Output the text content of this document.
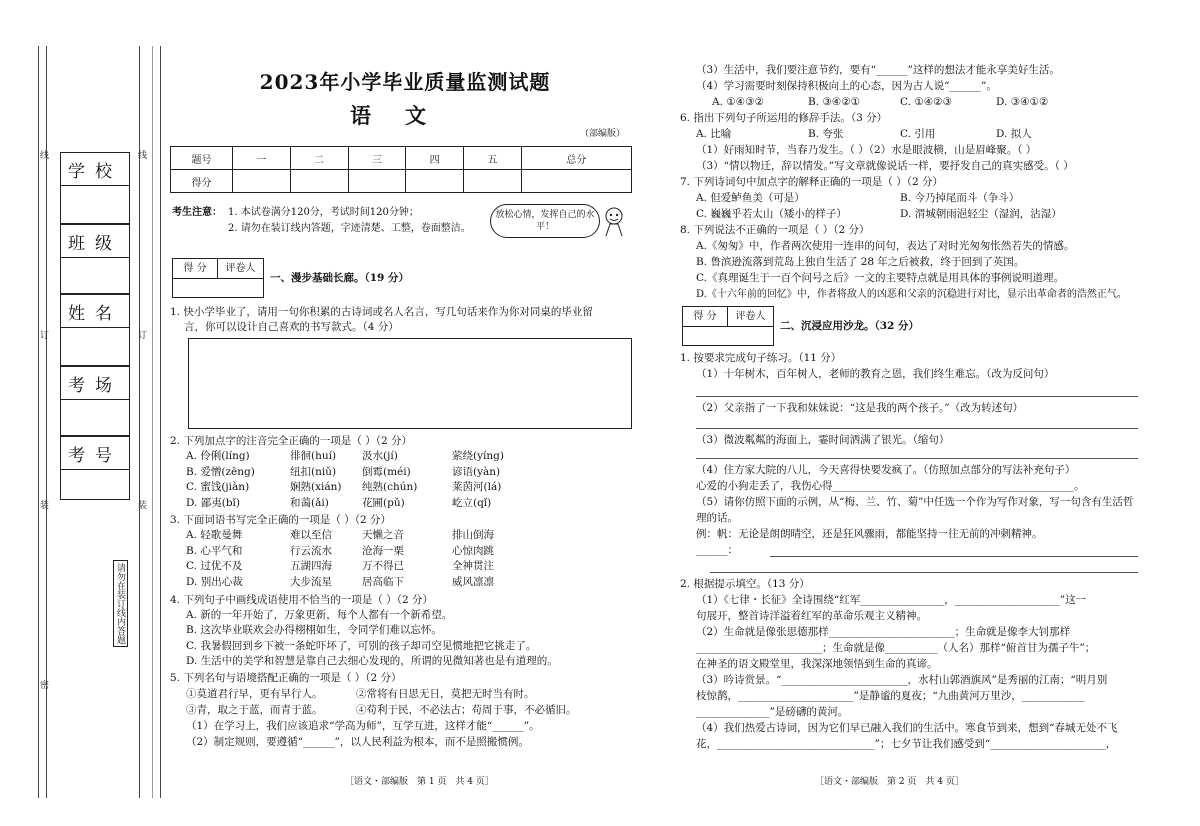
线
订
装
密
线
订
装
请勿在装订线内答题
学校
班级
姓名
考场
考号
2023年小学毕业质量监测试题
语文
（部编版）
题号	一	二	三	四	五	总分
得分						
考生注意： 1. 本试卷满分120分，考试时间120分钟；
2. 请勿在装订线内答题，字迹清楚、工整，卷面整洁。
放松心情，发挥自己的水平！
得 分	评卷人
一、漫步基础长廊。（19 分）
1. 快小学毕业了，请用一句你积累的古诗词或名人名言，写几句话来作为你对同桌的毕业留
言，你可以设计自己喜欢的书写款式。（4 分）
2. 下列加点字的注音完全正确的一项是（ ）（2 分）
A. 伶俐(líng)	徘徊(huí) 汲水(jí)	萦绕(yíng)
B. 爱憎(zēng)	纽扣(niǔ) 倒霉(méi)	谚语(yàn)
C. 蜜饯(jiàn)	娴熟(xián) 纯熟(chún)	莱茵河(lá)
D. 鄙夷(bǐ)	和蔼(ǎi)	花圃(pǔ)	屹立(qǐ)
3. 下面词语书写完全正确的一项是（ ）（2 分）
A. 轻歌曼舞	难以至信	天懒之音	排山倒海
B. 心平气和	行云流水	沧海一栗	心惊肉跳
C. 过优不及	五湖四海	万不得已	全神贯注
D. 别出心裁	大步流星	居高临下	威风凛凛
4. 下列句子中画线成语使用不恰当的一项是（ ）（2 分）
A. 新的一年开始了，万象更新，每个人都有一个新希望。
B. 这次毕业联欢会办得栩栩如生，令同学们难以忘怀。
C. 我暑假回到乡下被一条蛇吓坏了，可别的孩子却司空见惯地把它挑走了。
D. 生活中的美学和智慧是靠自己去细心发现的，所谓的见微知著也是有道理的。
5. 下列名句与语境搭配正确的一项是（ ）（2 分）
①莫道君行早，更有早行人。	②常将有日思无日，莫把无时当有时。
③青，取之于蓝，而青于蓝。	④苟利于民，不必法古；苟周于事，不必循旧。
（1）在学习上，我们应该追求“学高为师”，互学互进，这样才能“______”。
（2）制定规则，要遵循“______”，以人民利益为根本，而不是照搬惯例。
［语文・部编版　第 1 页　共 4 页］
（3）生活中，我们要注意节约，要有“______”这样的想法才能永享美好生活。
（4）学习需要时刻保持积极向上的心态，因为古人说“______”。
A. ①④③②	B. ③④②①	C. ①④②③	D. ③④①②
6. 指出下列句子所运用的修辞手法。（3 分）
A. 比喻	B. 夸张	C. 引用	D. 拟人
（1）好雨知时节，当春乃发生。（ ）（2）水是眼波横，山是眉峰聚。（ ）
（3）“情以物迁，辞以情发。”写文章就像说话一样，要抒发自己的真实感受。（ ）
7. 下列诗词句中加点字的解释正确的一项是（ ）（2 分）
A. 但爱鲈鱼美（可是）	B. 今乃掉尾而斗（争斗）
C. 巍巍乎若太山（矮小的样子）	D. 渭城朝雨浥轻尘（湿润，沾湿）
8. 下列说法不正确的一项是（ ）（2 分）
A.《匆匆》中，作者两次使用一连串的问句，表达了对时光匆匆怅然若失的情感。
B. 鲁滨逊流落到荒岛上独自生活了 28 年之后被救，终于回到了英国。
C.《真理诞生于一百个问号之后》一文的主要特点就是用具体的事例说明道理。
D.《十六年前的回忆》中，作者将敌人的凶恶和父亲的沉稳进行对比，显示出革命者的浩然正气。
得 分	评卷人
二、沉浸应用沙龙。（32 分）
1. 按要求完成句子练习。（11 分）
（1）十年树木，百年树人，老师的教育之恩，我们终生难忘。（改为反问句）
（2）父亲指了一下我和妹妹说：“这是我的两个孩子。”（改为转述句）
（3）微波粼粼的海面上，霎时间洒满了银光。（缩句）
（4）住方家大院的八儿，今天喜得快要发疯了。（仿照加点部分的写法补充句子）
心爱的小狗走丢了，我伤心得______________________________________________。
（5）请你仿照下面的示例，从“梅、兰、竹、菊”中任选一个作为写作对象，写一句含有生活哲
理的话。
例：帆：无论是朗朗晴空，还是狂风骤雨，都能坚持一往无前的冲刺精神。
______：
2. 根据提示填空。（13 分）
（1）《七律・长征》全诗围绕“红军________________，____________________”这一
句展开，整首诗洋溢着红军的革命乐观主义精神。
（2）生命就是像张思德那样________________________；生命就是像李大钊那样
________________________；生命就是像__________（人名）那样“俯首甘为孺子牛”；
在神圣的语文殿堂里，我深深地领悟到生命的真谛。
（3）吟诗赏景。“________________________，水村山郭酒旗风”是秀丽的江南；“明月别
枝惊鹊，______________________”是静谧的夏夜；“九曲黄河万里沙，____________
______________”是磅礴的黄河。
（4）我们热爱古诗词，因为它们早已融入我们的生活中。寒食节到来，想到“春城无处不飞
花，______________________________”；七夕节让我们感受到“______________________，
［语文・部编版　第 2 页　共 4 页］
